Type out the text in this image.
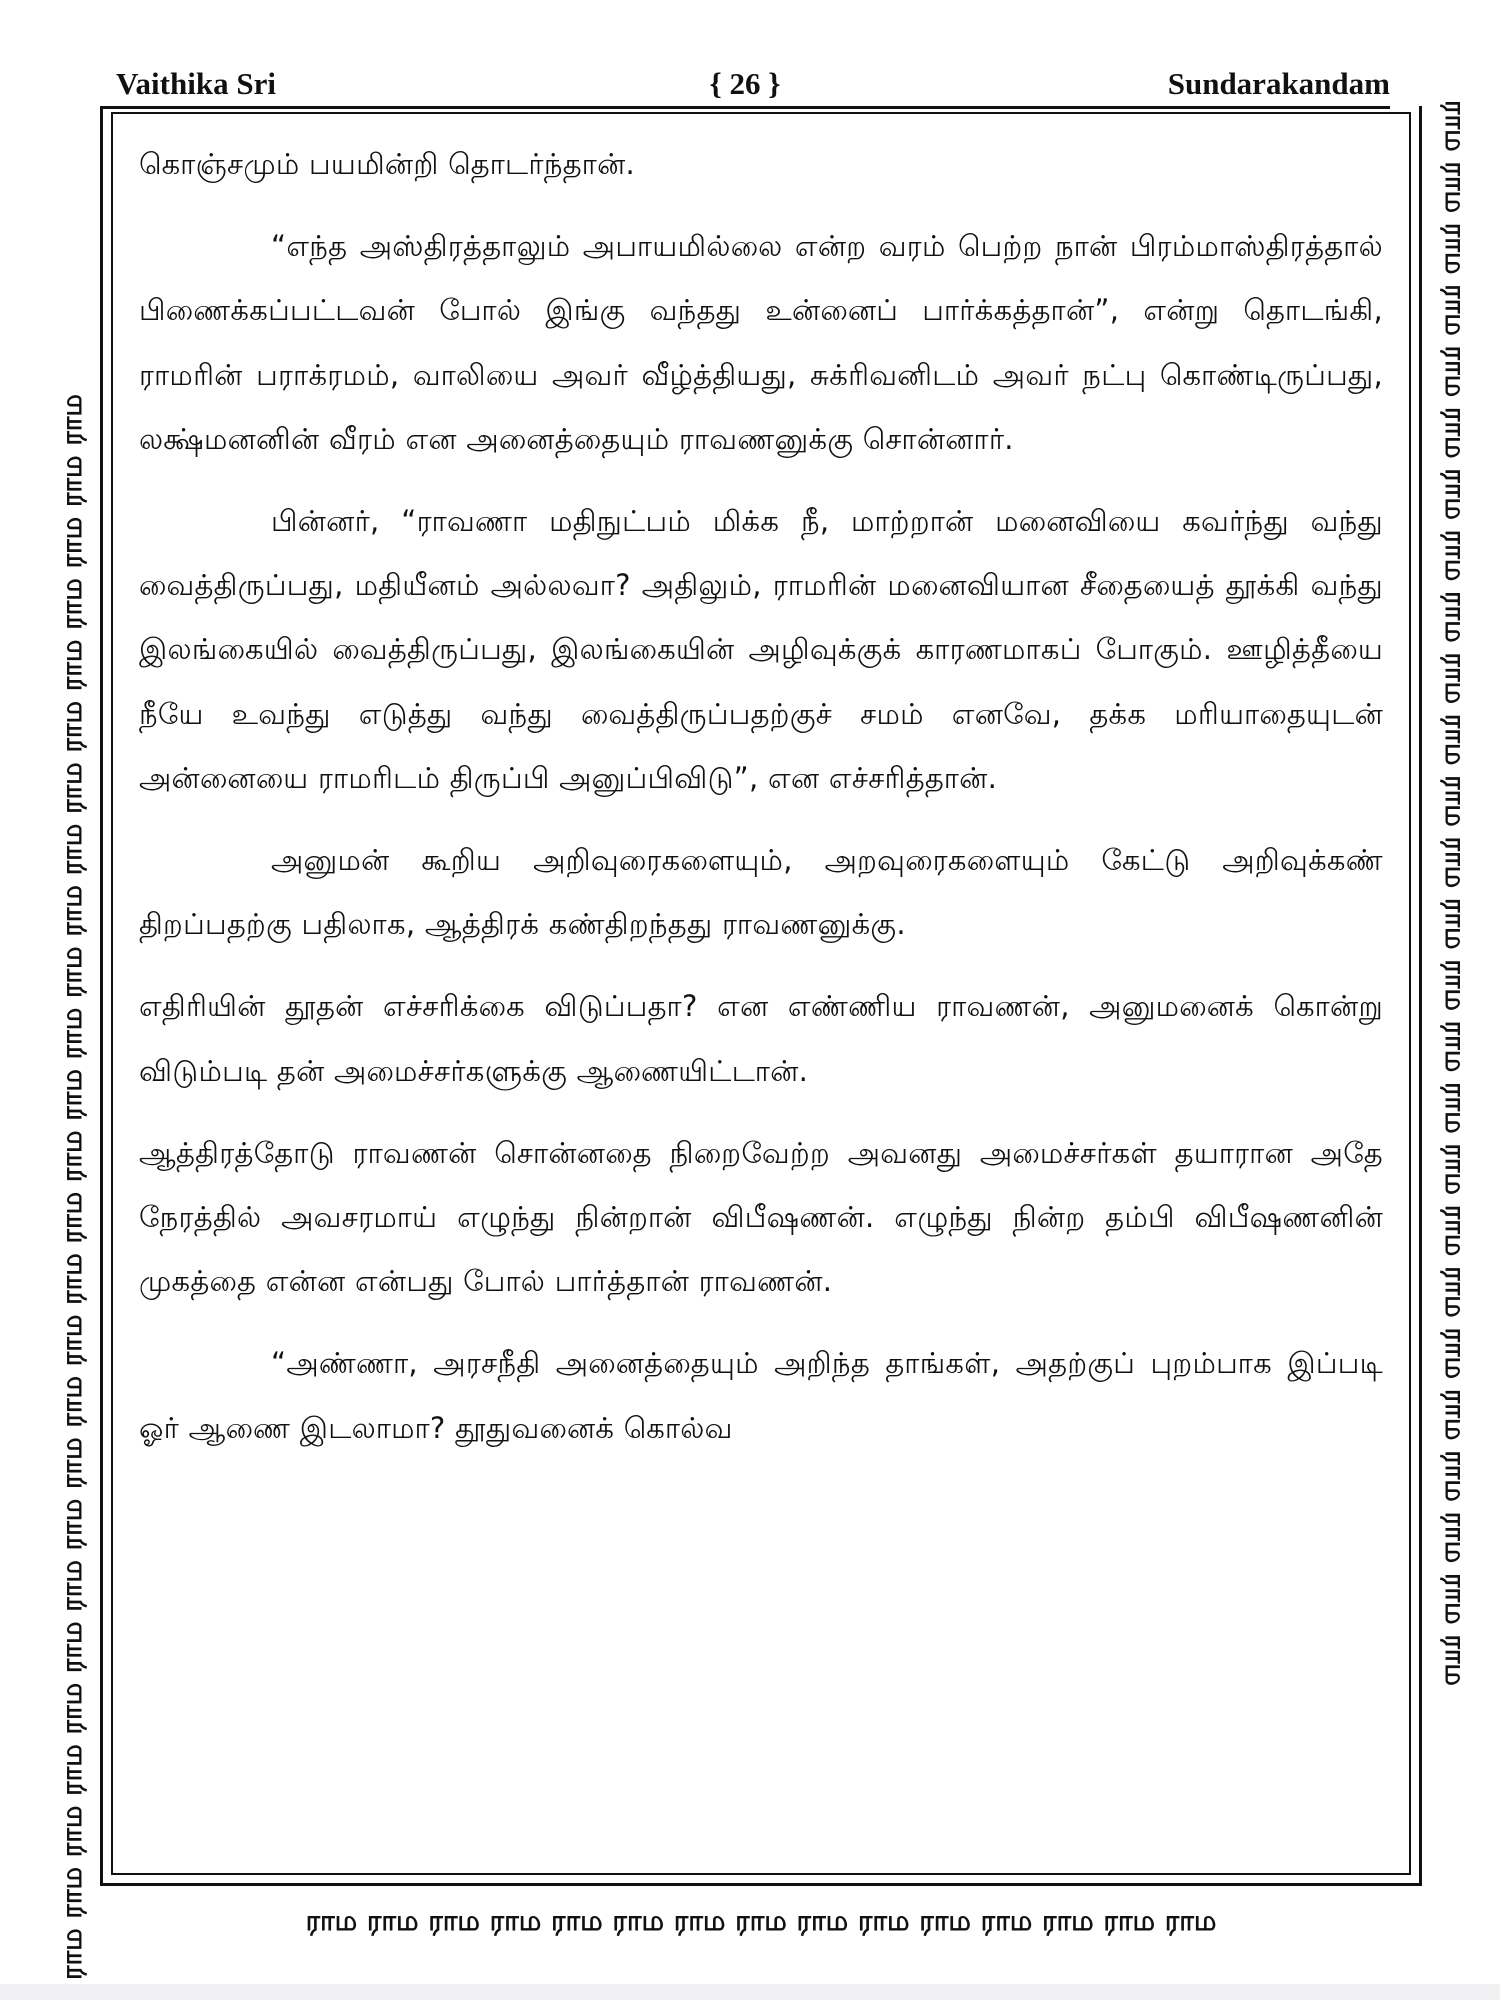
Vaithika Sri	{ 26 }	Sundarakandam
ராம ராம ராம ராம ராம ராம ராம ராம ராம ராம ராம ராம ராம ராம ராம ராம ராம ராம ராம ராம ராம ராம ராம ராம ராம ராம	ராம ராம ராம ராம ராம ராம ராம ராம ராம ராம ராம ராம ராம ராம ராம ராம ராம ராம ராம ராம ராம ராம ராம ராம ராம ராம

கொஞ்சமும் பயமின்றி தொடர்ந்தான்.

“எந்த அஸ்திரத்தாலும் அபாயமில்லை என்ற வரம் பெற்ற நான் பிரம்மாஸ்திரத்தால் பிணைக்கப்பட்டவன் போல் இங்கு வந்தது உன்னைப் பார்க்கத்தான்”, என்று தொடங்கி, ராமரின் பராக்ரமம், வாலியை அவர் வீழ்த்தியது, சுக்ரிவனிடம் அவர் நட்பு கொண்டிருப்பது, லக்ஷ்மனனின் வீரம் என அனைத்தையும் ராவணனுக்கு சொன்னார்.

பின்னர், “ராவணா மதிநுட்பம் மிக்க நீ, மாற்றான் மனைவியை கவர்ந்து வந்து வைத்திருப்பது, மதியீனம் அல்லவா? அதிலும், ராமரின் மனைவியான சீதையைத் தூக்கி வந்து இலங்கையில் வைத்திருப்பது, இலங்கையின் அழிவுக்குக் காரணமாகப் போகும். ஊழித்தீயை நீயே உவந்து எடுத்து வந்து வைத்திருப்பதற்குச் சமம் எனவே, தக்க மரியாதையுடன் அன்னையை ராமரிடம் திருப்பி அனுப்பிவிடு”, என எச்சரித்தான்.

அனுமன் கூறிய அறிவுரைகளையும், அறவுரைகளையும் கேட்டு அறிவுக்கண் திறப்பதற்கு பதிலாக, ஆத்திரக் கண்திறந்தது ராவணனுக்கு.

எதிரியின் தூதன் எச்சரிக்கை விடுப்பதா? என எண்ணிய ராவணன், அனுமனைக் கொன்று விடும்படி தன் அமைச்சர்களுக்கு ஆணையிட்டான்.

ஆத்திரத்தோடு ராவணன் சொன்னதை நிறைவேற்ற அவனது அமைச்சர்கள் தயாரான அதே நேரத்தில் அவசரமாய் எழுந்து நின்றான் விபீஷணன். எழுந்து நின்ற தம்பி விபீஷணனின் முகத்தை என்ன என்பது போல் பார்த்தான் ராவணன்.

“அண்ணா, அரசநீதி அனைத்தையும் அறிந்த தாங்கள், அதற்குப் புறம்பாக இப்படி ஓர் ஆணை இடலாமா? தூதுவனைக் கொல்வ

ராம ராம ராம ராம ராம ராம ராம ராம ராம ராம ராம ராம ராம ராம ராம
